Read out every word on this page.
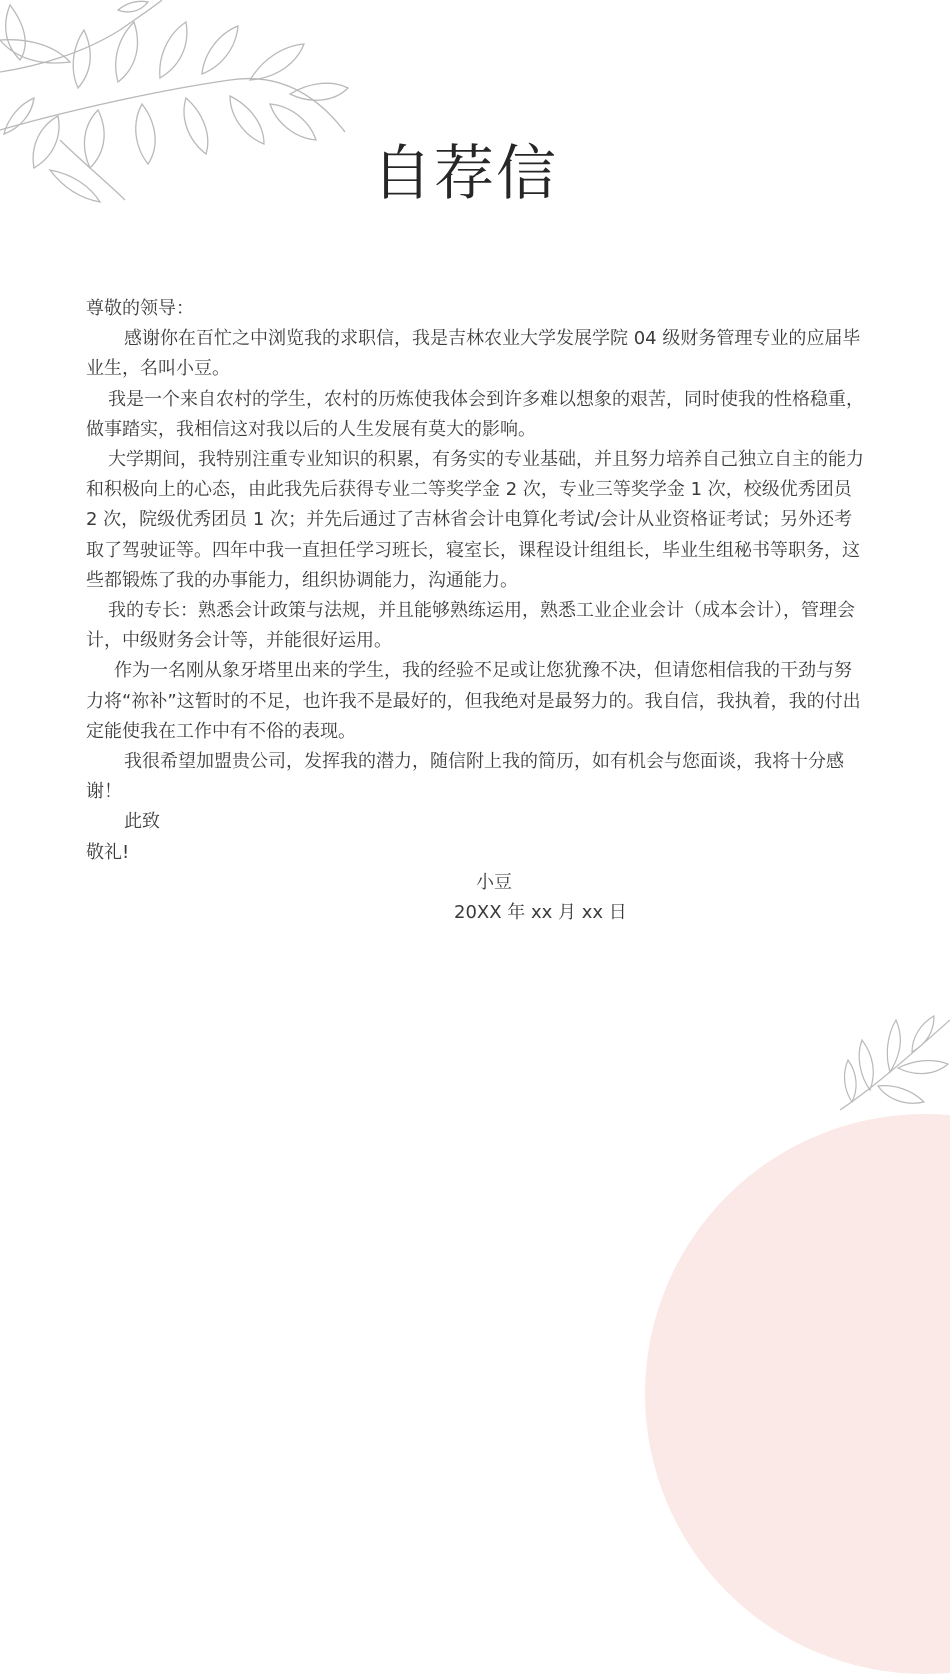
自荐信

尊敬的领导：

感谢你在百忙之中浏览我的求职信，我是吉林农业大学发展学院 04 级财务管理专业的应届毕业生，名叫小豆。

我是一个来自农村的学生，农村的历炼使我体会到许多难以想象的艰苦，同时使我的性格稳重，做事踏实，我相信这对我以后的人生发展有莫大的影响。

大学期间，我特别注重专业知识的积累，有务实的专业基础，并且努力培养自己独立自主的能力和积极向上的心态，由此我先后获得专业二等奖学金 2 次，专业三等奖学金 1 次，校级优秀团员 2 次，院级优秀团员 1 次；并先后通过了吉林省会计电算化考试/会计从业资格证考试；另外还考取了驾驶证等。四年中我一直担任学习班长，寝室长，课程设计组组长，毕业生组秘书等职务，这些都锻炼了我的办事能力，组织协调能力，沟通能力。

我的专长：熟悉会计政策与法规，并且能够熟练运用，熟悉工业企业会计（成本会计），管理会计，中级财务会计等，并能很好运用。

作为一名刚从象牙塔里出来的学生，我的经验不足或让您犹豫不决，但请您相信我的干劲与努力将“祢补”这暂时的不足，也许我不是最好的，但我绝对是最努力的。我自信，我执着，我的付出定能使我在工作中有不俗的表现。

我很希望加盟贵公司，发挥我的潜力，随信附上我的简历，如有机会与您面谈，我将十分感谢！

此致

敬礼!

小豆

20XX 年 xx 月 xx 日
